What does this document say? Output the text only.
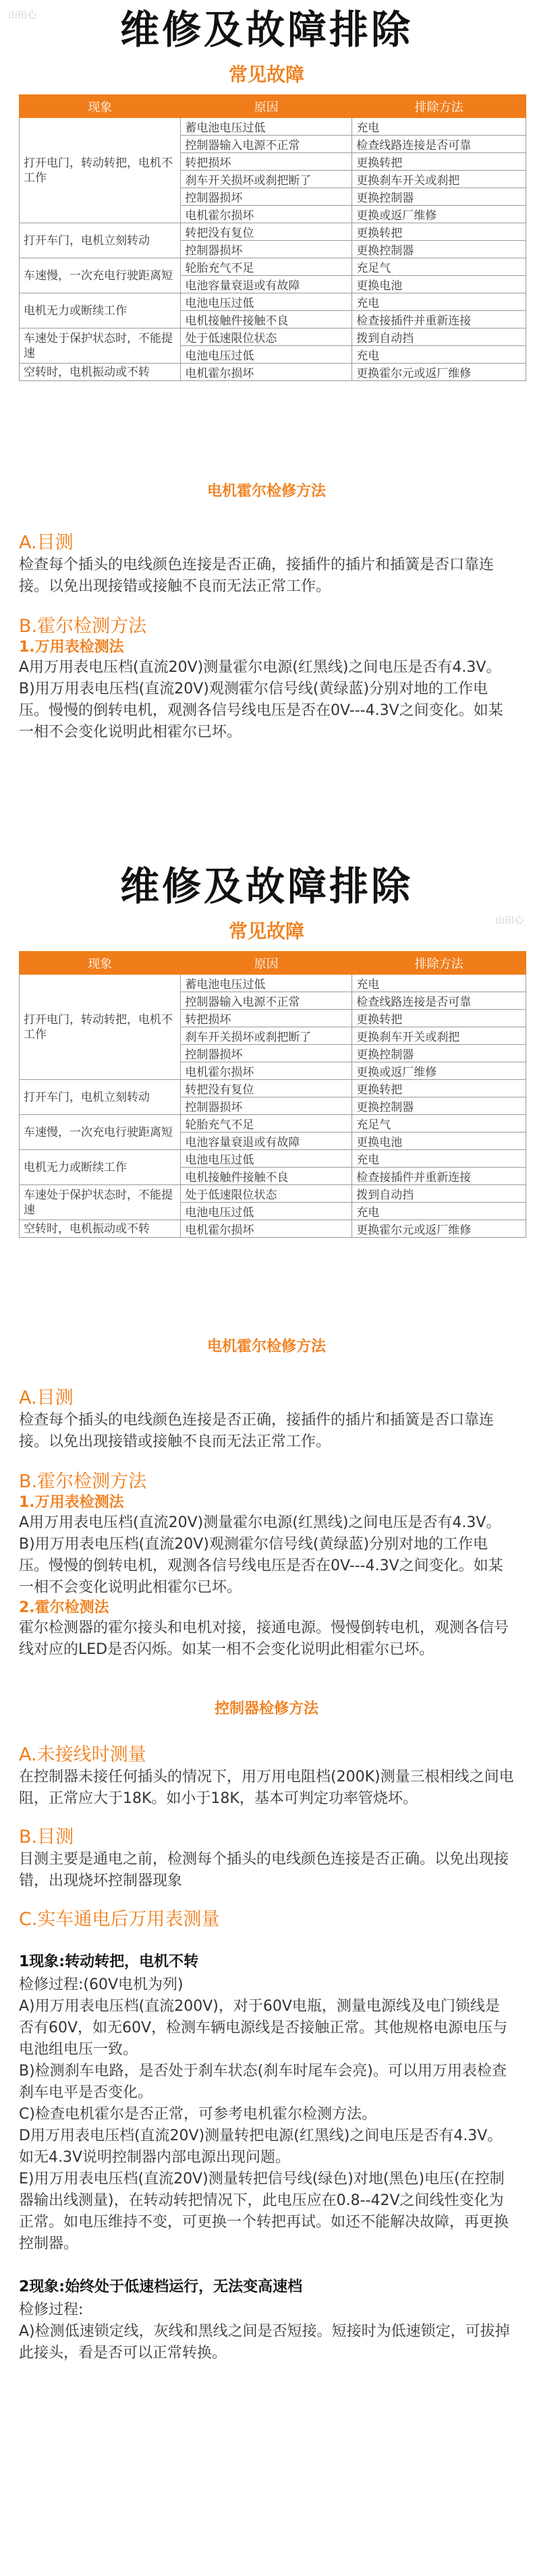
山田心	维修及故障排除
常见故障
现象	原因	排除方法
打开电门，转动转把，电机不工作	蓄电池电压过低	充电
	控制器输入电源不正常	检查线路连接是否可靠
	转把损坏	更换转把
	刹车开关损坏或刹把断了	更换刹车开关或刹把
	控制器损坏	更换控制器
	电机霍尔损坏	更换或返厂维修
打开车门，电机立刻转动	转把没有复位	更换转把
	控制器损坏	更换控制器
车速慢，一次充电行驶距离短	轮胎充气不足	充足气
	电池容量衰退或有故障	更换电池
电机无力或断续工作	电池电压过低	充电
	电机接触件接触不良	检查接插件并重新连接
车速处于保护状态时，不能提速	处于低速限位状态	拨到自动挡
	电池电压过低	充电
空转时，电机振动或不转	电机霍尔损坏	更换霍尔元或返厂维修
电机霍尔检修方法
A.目测
检查每个插头的电线颜色连接是否正确，接插件的插片和插簧是否口靠连接。以免出现接错或接触不良而无法正常工作。
B.霍尔检测方法
1.万用表检测法
A用万用表电压档(直流20V)测量霍尔电源(红黑线)之间电压是否有4.3V。
B)用万用表电压档(直流20V)观测霍尔信号线(黄绿蓝)分别对地的工作电压。慢慢的倒转电机，观测各信号线电压是否在0V---4.3V之间变化。如某一相不会变化说明此相霍尔已坏。
山田心
维修及故障排除
常见故障
现象	原因	排除方法
打开电门，转动转把，电机不工作	蓄电池电压过低	充电
	控制器输入电源不正常	检查线路连接是否可靠
	转把损坏	更换转把
	刹车开关损坏或刹把断了	更换刹车开关或刹把
	控制器损坏	更换控制器
	电机霍尔损坏	更换或返厂维修
打开车门，电机立刻转动	转把没有复位	更换转把
	控制器损坏	更换控制器
车速慢，一次充电行驶距离短	轮胎充气不足	充足气
	电池容量衰退或有故障	更换电池
电机无力或断续工作	电池电压过低	充电
	电机接触件接触不良	检查接插件并重新连接
车速处于保护状态时，不能提速	处于低速限位状态	拨到自动挡
	电池电压过低	充电
空转时，电机振动或不转	电机霍尔损坏	更换霍尔元或返厂维修
电机霍尔检修方法
A.目测
检查每个插头的电线颜色连接是否正确，接插件的插片和插簧是否口靠连接。以免出现接错或接触不良而无法正常工作。
B.霍尔检测方法
1.万用表检测法
A用万用表电压档(直流20V)测量霍尔电源(红黑线)之间电压是否有4.3V。
B)用万用表电压档(直流20V)观测霍尔信号线(黄绿蓝)分别对地的工作电压。慢慢的倒转电机，观测各信号线电压是否在0V---4.3V之间变化。如某一相不会变化说明此相霍尔已坏。
2.霍尔检测法
霍尔检测器的霍尔接头和电机对接，接通电源。慢慢倒转电机，观测各信号线对应的LED是否闪烁。如某一相不会变化说明此相霍尔已坏。
控制器检修方法
A.未接线时测量
在控制器未接任何插头的情况下，用万用电阻档(200K)测量三根相线之间电阻，正常应大于18K。如小于18K，基本可判定功率管烧坏。
B.目测
目测主要是通电之前，检测每个插头的电线颜色连接是否正确。以免出现接错，出现烧坏控制器现象
C.实车通电后万用表测量
1现象:转动转把，电机不转
检修过程:(60V电机为列)
A)用万用表电压档(直流200V)，对于60V电瓶，测量电源线及电门锁线是否有60V，如无60V，检测车辆电源线是否接触正常。其他规格电源电压与电池组电压一致。
B)检测刹车电路，是否处于刹车状态(刹车时尾车会亮)。可以用万用表检查刹车电平是否变化。
C)检查电机霍尔是否正常，可参考电机霍尔检测方法。
D用万用表电压档(直流20V)测量转把电源(红黑线)之间电压是否有4.3V。如无4.3V说明控制器内部电源出现问题。
E)用万用表电压档(直流20V)测量转把信号线(绿色)对地(黑色)电压(在控制器输出线测量)，在转动转把情况下，此电压应在0.8--42V之间线性变化为正常。如电压维持不变，可更换一个转把再试。如还不能解决故障，再更换控制器。
2现象:始终处于低速档运行，无法变高速档
检修过程:
A)检测低速锁定线，灰线和黑线之间是否短接。短接时为低速锁定，可拔掉此接头，看是否可以正常转换。
